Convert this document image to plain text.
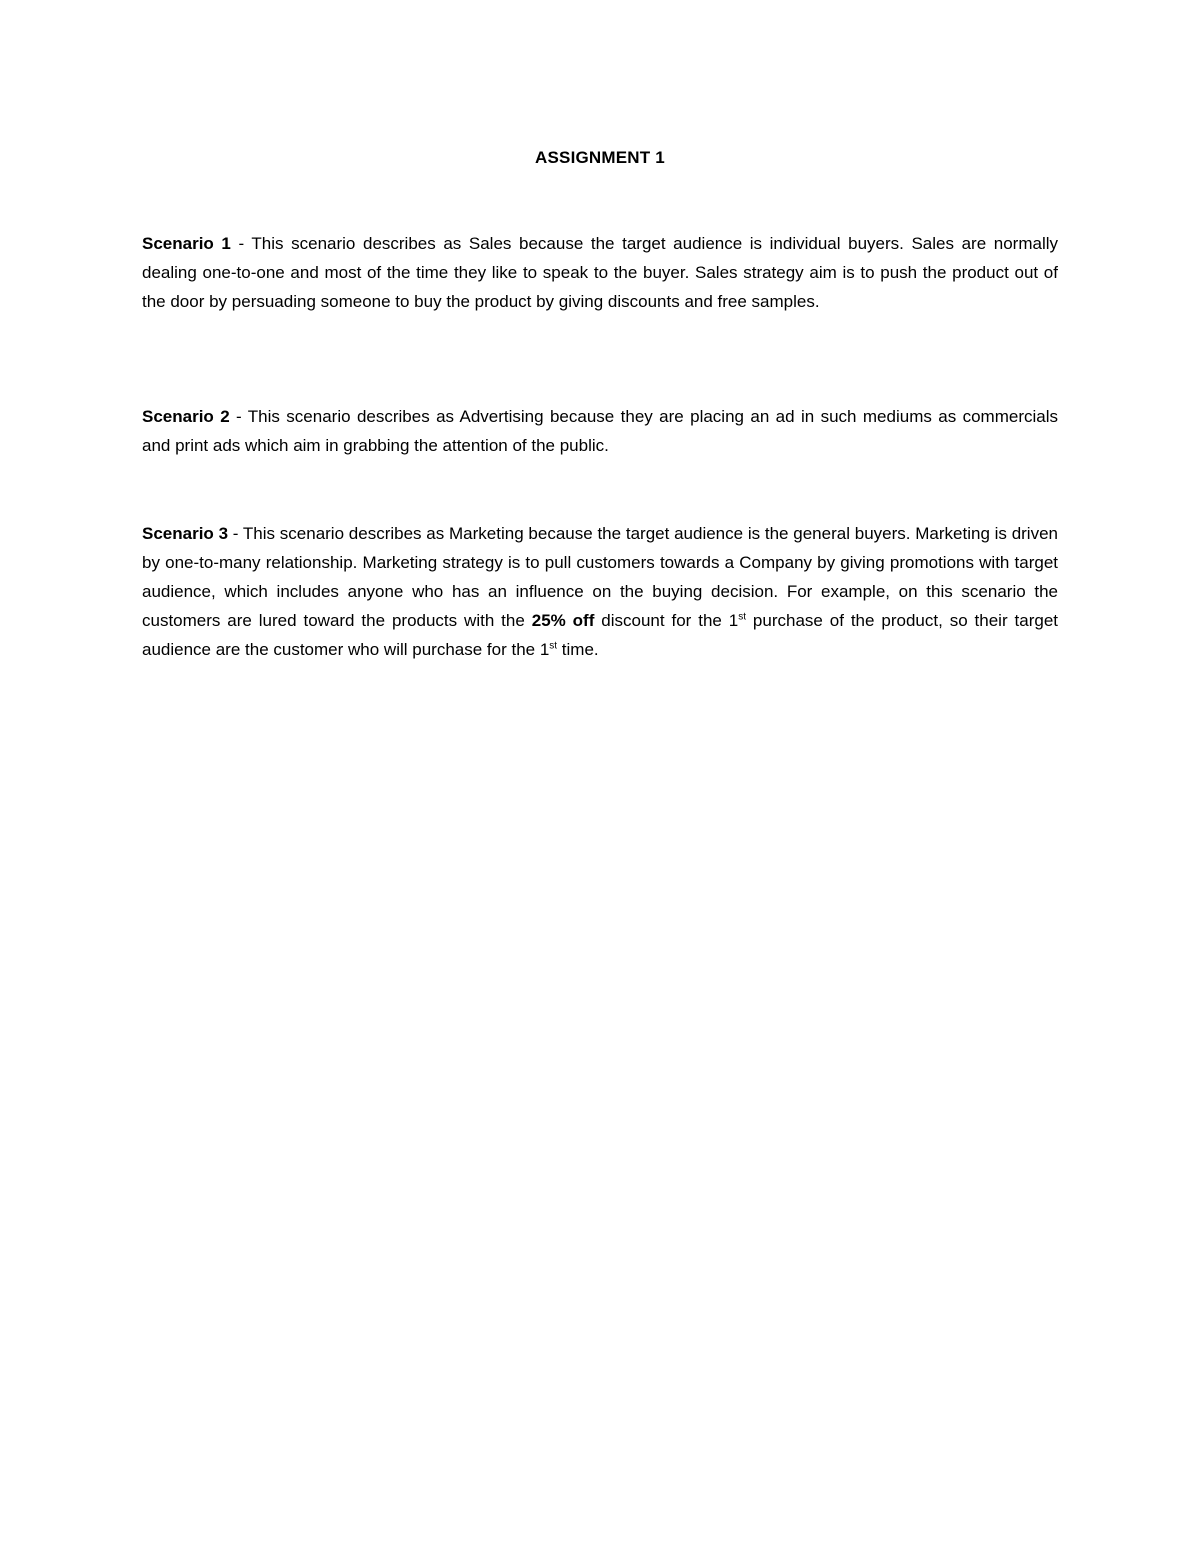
ASSIGNMENT 1

Scenario 1 - This scenario describes as Sales because the target audience is individual buyers. Sales are normally dealing one-to-one and most of the time they like to speak to the buyer. Sales strategy aim is to push the product out of the door by persuading someone to buy the product by giving discounts and free samples.

Scenario 2 - This scenario describes as Advertising because they are placing an ad in such mediums as commercials and print ads which aim in grabbing the attention of the public.

Scenario 3 - This scenario describes as Marketing because the target audience is the general buyers. Marketing is driven by one-to-many relationship. Marketing strategy is to pull customers towards a Company by giving promotions with target audience, which includes anyone who has an influence on the buying decision. For example, on this scenario the customers are lured toward the products with the 25% off discount for the 1st purchase of the product, so their target audience are the customer who will purchase for the 1st time.
